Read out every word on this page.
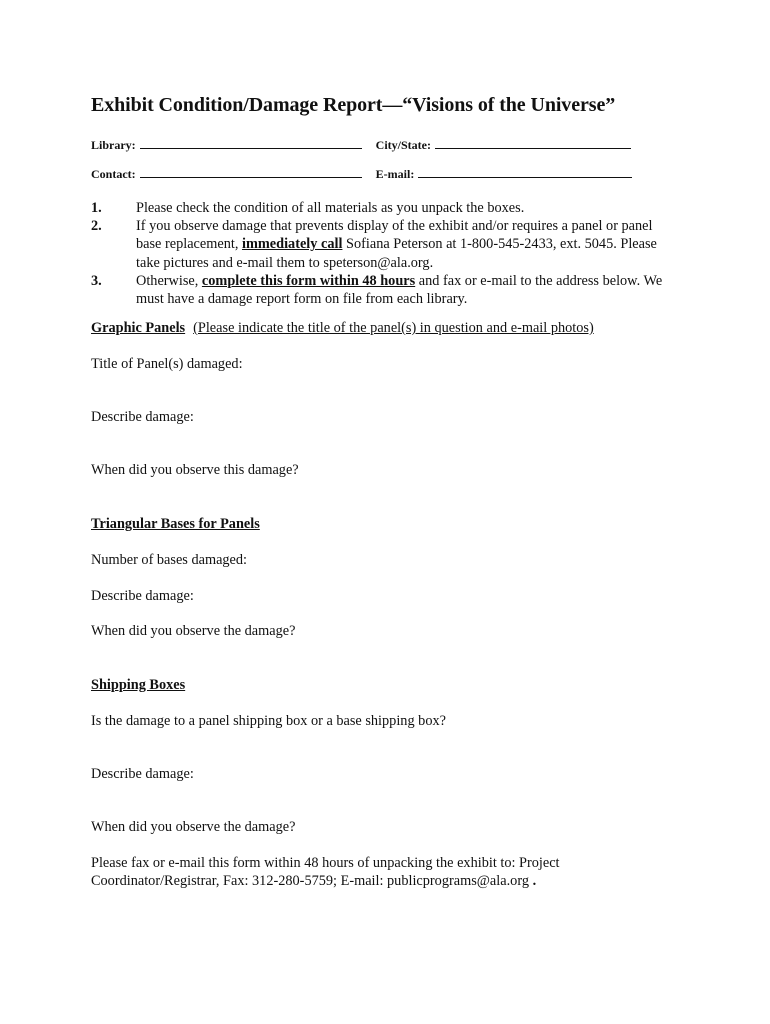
Exhibit Condition/Damage Report—“Visions of the Universe”
Library:	City/State:
Contact:	E-mail:
1.	Please check the condition of all materials as you unpack the boxes.
2.	If you observe damage that prevents display of the exhibit and/or requires a panel or panel base replacement, immediately call Sofiana Peterson at 1-800-545-2433, ext. 5045. Please take pictures and e-mail them to speterson@ala.org.
3.	Otherwise, complete this form within 48 hours and fax or e-mail to the address below. We must have a damage report form on file from each library.
Graphic Panels (Please indicate the title of the panel(s) in question and e-mail photos)
Title of Panel(s) damaged:
Describe damage:
When did you observe this damage?
Triangular Bases for Panels
Number of bases damaged:
Describe damage:
When did you observe the damage?
Shipping Boxes
Is the damage to a panel shipping box or a base shipping box?
Describe damage:
When did you observe the damage?
Please fax or e-mail this form within 48 hours of unpacking the exhibit to: Project Coordinator/Registrar, Fax: 312-280-5759; E-mail: publicprograms@ala.org .
